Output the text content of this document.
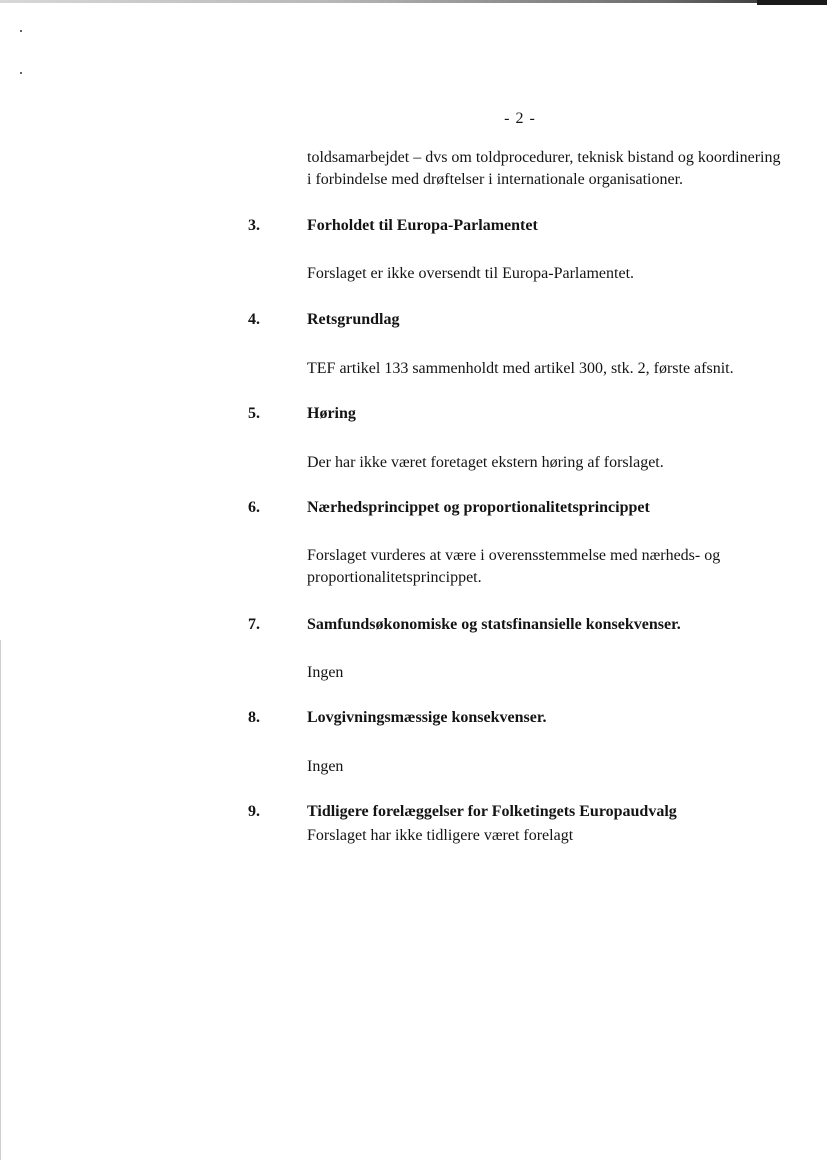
- 2 -

toldsamarbejdet – dvs om toldprocedurer, teknisk bistand og koordinering
i forbindelse med drøftelser i internationale organisationer.

3.	Forholdet til Europa-Parlamentet

Forslaget er ikke oversendt til Europa-Parlamentet.

4.	Retsgrundlag

TEF artikel 133 sammenholdt med artikel 300, stk. 2, første afsnit.

5.	Høring

Der har ikke været foretaget ekstern høring af forslaget.

6.	Nærhedsprincippet og proportionalitetsprincippet

Forslaget vurderes at være i overensstemmelse med nærheds- og

proportionalitetsprincippet.

7.	Samfundsøkonomiske og statsfinansielle konsekvenser.

Ingen

8.	Lovgivningsmæssige konsekvenser.

Ingen

9.	Tidligere forelæggelser for Folketingets Europaudvalg

Forslaget har ikke tidligere været forelagt
